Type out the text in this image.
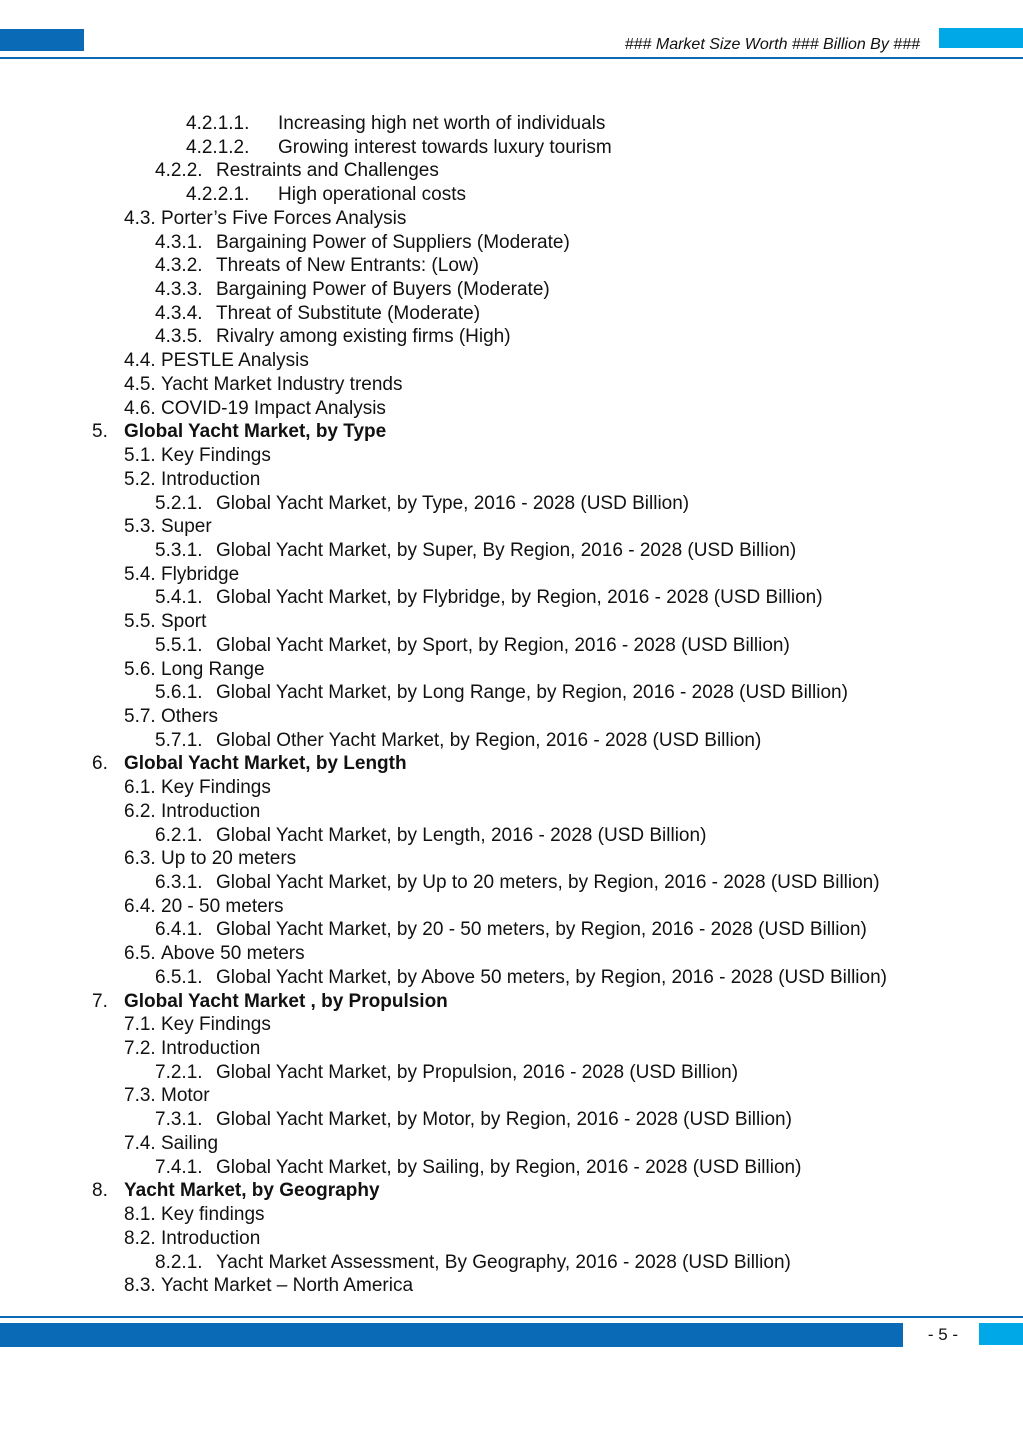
### Market Size Worth ### Billion By ###
4.2.1.1. Increasing high net worth of individuals
4.2.1.2. Growing interest towards luxury tourism
4.2.2. Restraints and Challenges
4.2.2.1. High operational costs
4.3. Porter’s Five Forces Analysis
4.3.1. Bargaining Power of Suppliers (Moderate)
4.3.2. Threats of New Entrants: (Low)
4.3.3. Bargaining Power of Buyers (Moderate)
4.3.4. Threat of Substitute (Moderate)
4.3.5. Rivalry among existing firms (High)
4.4. PESTLE Analysis
4.5. Yacht Market Industry trends
4.6. COVID-19 Impact Analysis
5. Global Yacht Market, by Type
5.1. Key Findings
5.2. Introduction
5.2.1. Global Yacht Market, by Type, 2016 - 2028 (USD Billion)
5.3. Super
5.3.1. Global Yacht Market, by Super, By Region, 2016 - 2028 (USD Billion)
5.4. Flybridge
5.4.1. Global Yacht Market, by Flybridge, by Region, 2016 - 2028 (USD Billion)
5.5. Sport
5.5.1. Global Yacht Market, by Sport, by Region, 2016 - 2028 (USD Billion)
5.6. Long Range
5.6.1. Global Yacht Market, by Long Range, by Region, 2016 - 2028 (USD Billion)
5.7. Others
5.7.1. Global Other Yacht Market, by Region, 2016 - 2028 (USD Billion)
6. Global Yacht Market, by Length
6.1. Key Findings
6.2. Introduction
6.2.1. Global Yacht Market, by Length, 2016 - 2028 (USD Billion)
6.3. Up to 20 meters
6.3.1. Global Yacht Market, by Up to 20 meters, by Region, 2016 - 2028 (USD Billion)
6.4. 20 - 50 meters
6.4.1. Global Yacht Market, by 20 - 50 meters, by Region, 2016 - 2028 (USD Billion)
6.5. Above 50 meters
6.5.1. Global Yacht Market, by Above 50 meters, by Region, 2016 - 2028 (USD Billion)
7. Global Yacht Market , by Propulsion
7.1. Key Findings
7.2. Introduction
7.2.1. Global Yacht Market, by Propulsion, 2016 - 2028 (USD Billion)
7.3. Motor
7.3.1. Global Yacht Market, by Motor, by Region, 2016 - 2028 (USD Billion)
7.4. Sailing
7.4.1. Global Yacht Market, by Sailing, by Region, 2016 - 2028 (USD Billion)
8. Yacht Market, by Geography
8.1. Key findings
8.2. Introduction
8.2.1. Yacht Market Assessment, By Geography, 2016 - 2028 (USD Billion)
8.3. Yacht Market – North America
- 5 -
